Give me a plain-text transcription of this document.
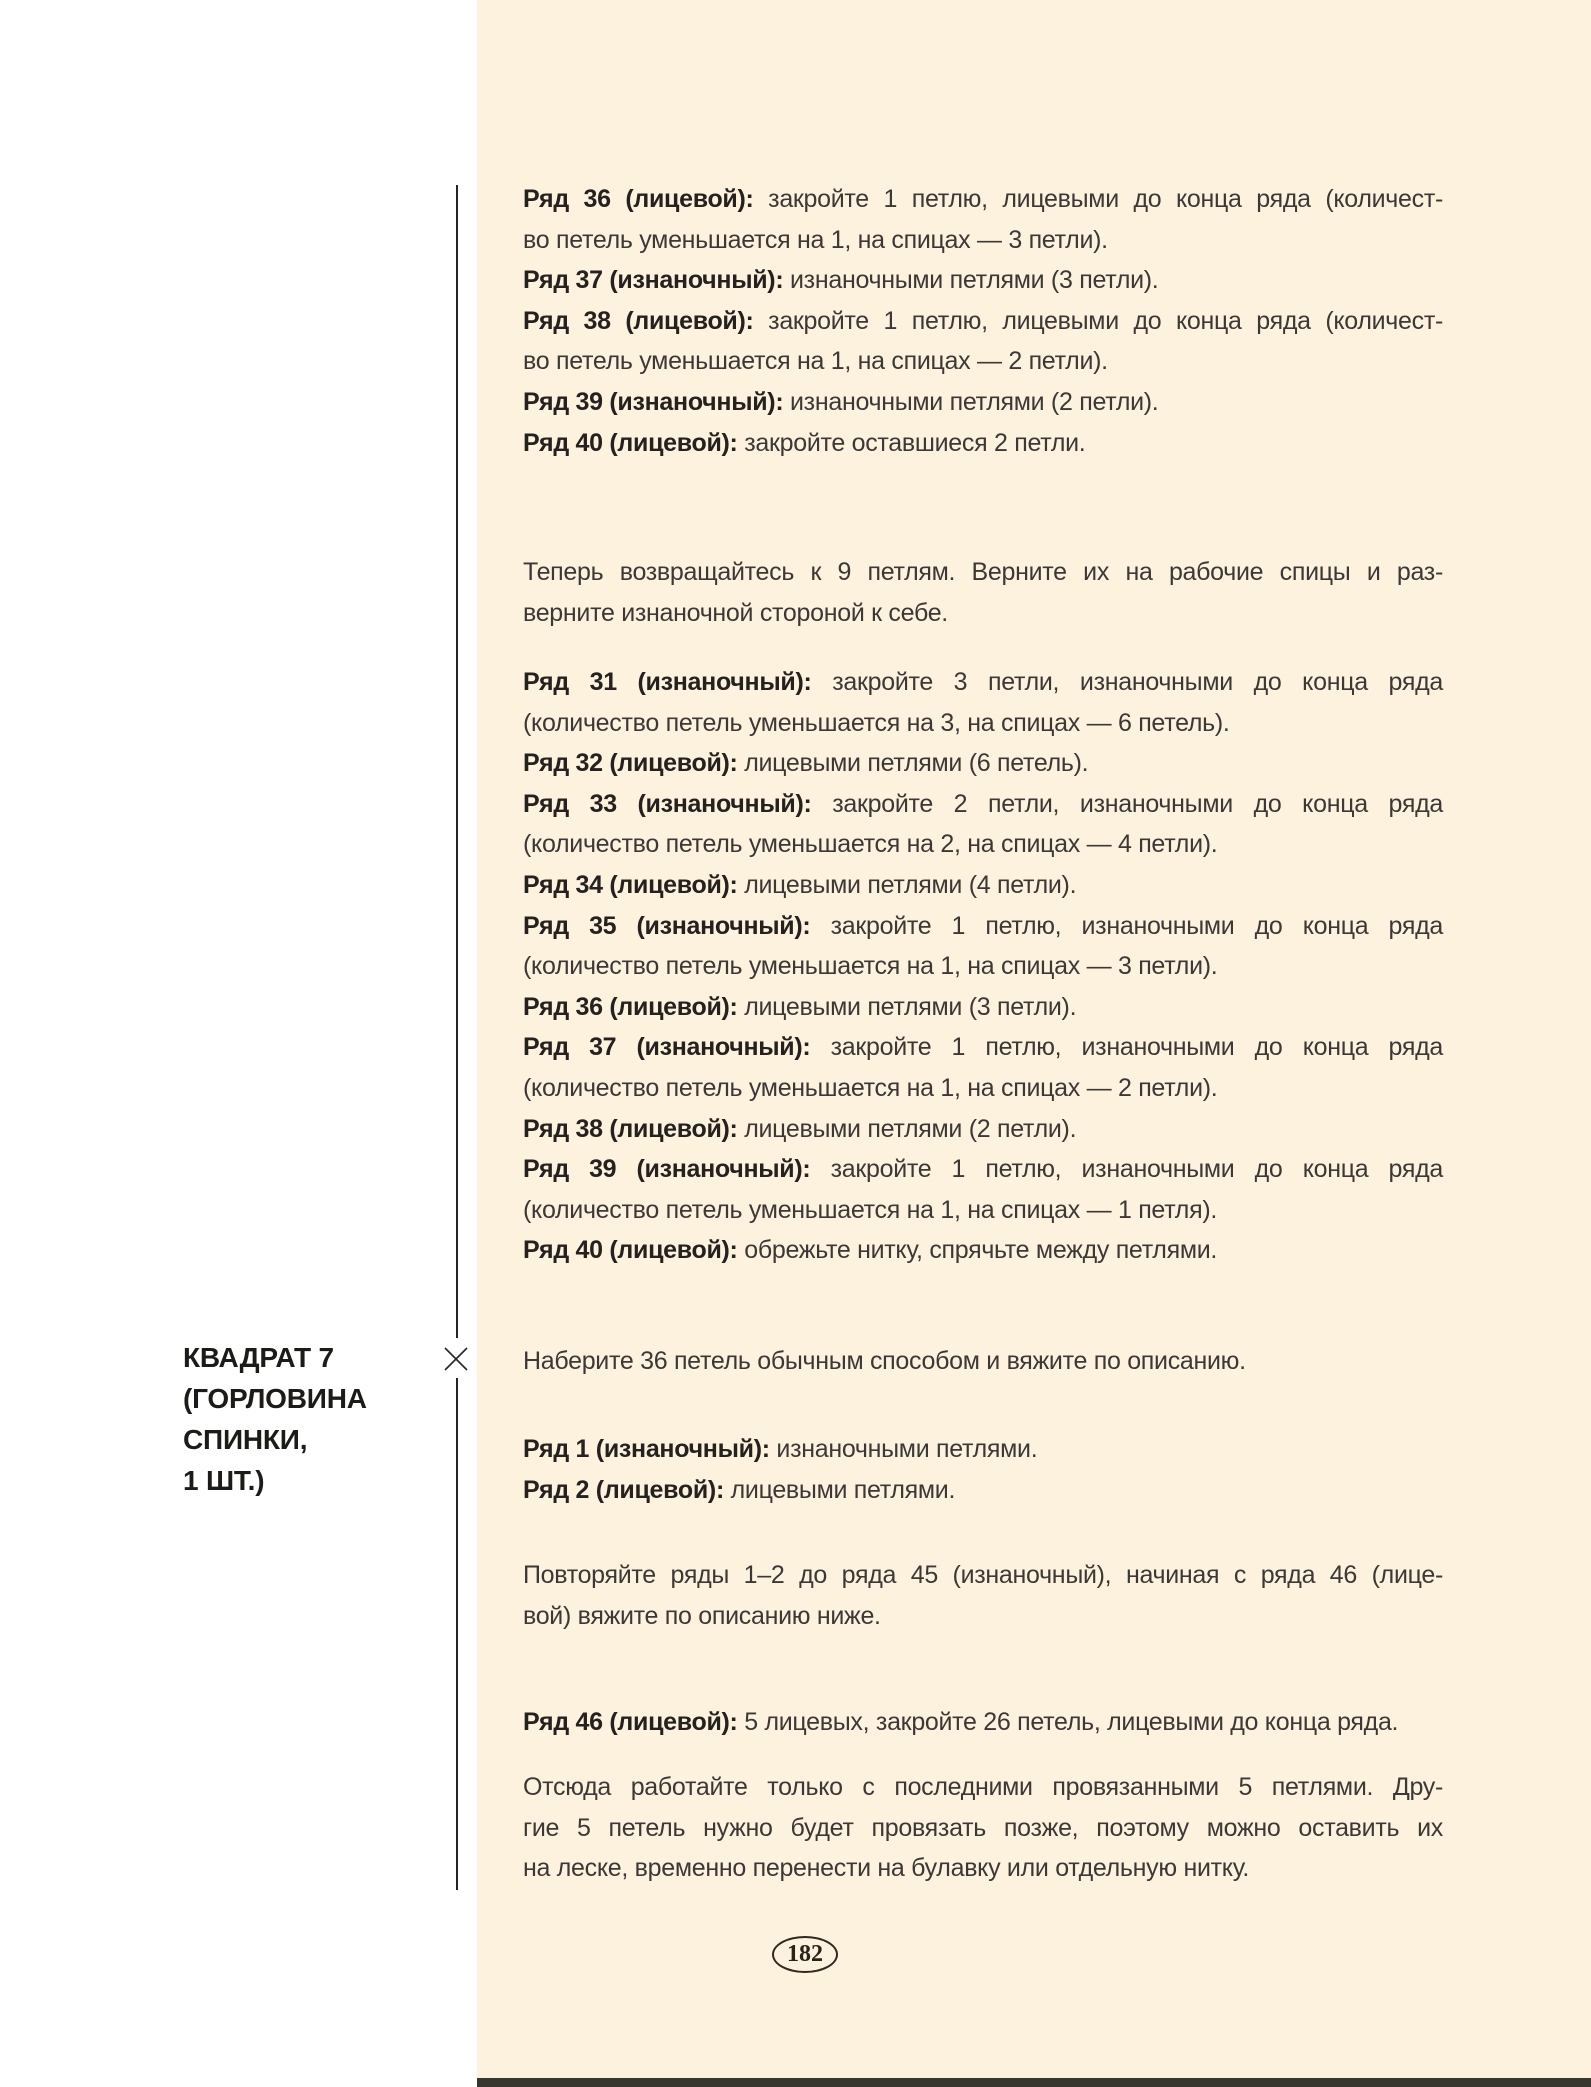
КВАДРАТ 7
(ГОРЛОВИНА
СПИНКИ,
1 ШТ.)
Ряд 36 (лицевой): закройте 1 петлю, лицевыми до конца ряда (количест-
во петель уменьшается на 1, на спицах — 3 петли).
Ряд 37 (изнаночный): изнаночными петлями (3 петли).
Ряд 38 (лицевой): закройте 1 петлю, лицевыми до конца ряда (количест-
во петель уменьшается на 1, на спицах — 2 петли).
Ряд 39 (изнаночный): изнаночными петлями (2 петли).
Ряд 40 (лицевой): закройте оставшиеся 2 петли.
Теперь возвращайтесь к 9 петлям. Верните их на рабочие спицы и раз-
верните изнаночной стороной к себе.
Ряд 31 (изнаночный): закройте 3 петли, изнаночными до конца ряда
(количество петель уменьшается на 3, на спицах — 6 петель).
Ряд 32 (лицевой): лицевыми петлями (6 петель).
Ряд 33 (изнаночный): закройте 2 петли, изнаночными до конца ряда
(количество петель уменьшается на 2, на спицах — 4 петли).
Ряд 34 (лицевой): лицевыми петлями (4 петли).
Ряд 35 (изнаночный): закройте 1 петлю, изнаночными до конца ряда
(количество петель уменьшается на 1, на спицах — 3 петли).
Ряд 36 (лицевой): лицевыми петлями (3 петли).
Ряд 37 (изнаночный): закройте 1 петлю, изнаночными до конца ряда
(количество петель уменьшается на 1, на спицах — 2 петли).
Ряд 38 (лицевой): лицевыми петлями (2 петли).
Ряд 39 (изнаночный): закройте 1 петлю, изнаночными до конца ряда
(количество петель уменьшается на 1, на спицах — 1 петля).
Ряд 40 (лицевой): обрежьте нитку, спрячьте между петлями.
Наберите 36 петель обычным способом и вяжите по описанию.
Ряд 1 (изнаночный): изнаночными петлями.
Ряд 2 (лицевой): лицевыми петлями.
Повторяйте ряды 1–2 до ряда 45 (изнаночный), начиная с ряда 46 (лице-
вой) вяжите по описанию ниже.
Ряд 46 (лицевой): 5 лицевых, закройте 26 петель, лицевыми до конца ряда.
Отсюда работайте только с последними провязанными 5 петлями. Дру-
гие 5 петель нужно будет провязать позже, поэтому можно оставить их
на леске, временно перенести на булавку или отдельную нитку.
182
